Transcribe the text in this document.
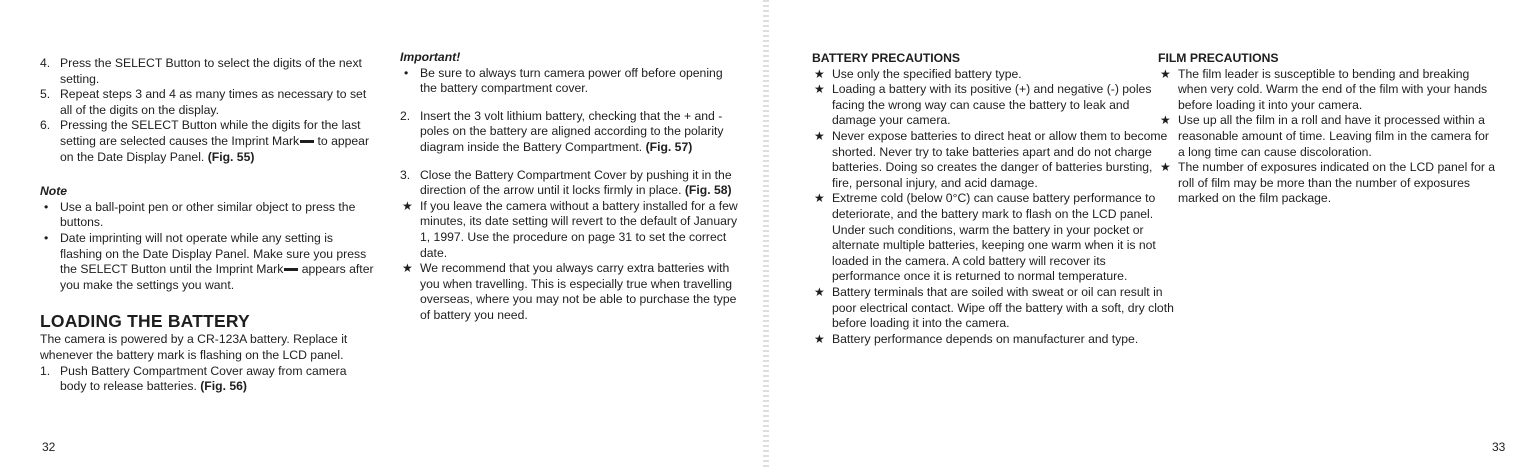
4. Press the SELECT Button to select the digits of the next setting.
5. Repeat steps 3 and 4 as many times as necessary to set all of the digits on the display.
6. Pressing the SELECT Button while the digits for the last setting are selected causes the Imprint Mark to appear on the Date Display Panel. (Fig. 55)

Note

• Use a ball-point pen or other similar object to press the buttons.
• Date imprinting will not operate while any setting is flashing on the Date Display Panel. Make sure you press the SELECT Button until the Imprint Mark appears after you make the settings you want.
LOADING THE BATTERY

The camera is powered by a CR-123A battery. Replace it whenever the battery mark is flashing on the LCD panel.

1. Push Battery Compartment Cover away from camera body to release batteries. (Fig. 56)

Important!

• Be sure to always turn camera power off before opening the battery compartment cover.
2. Insert the 3 volt lithium battery, checking that the + and - poles on the battery are aligned according to the polarity diagram inside the Battery Compartment. (Fig. 57)
3. Close the Battery Compartment Cover by pushing it in the direction of the arrow until it locks firmly in place. (Fig. 58)
★ If you leave the camera without a battery installed for a few minutes, its date setting will revert to the default of January 1, 1997. Use the procedure on page 31 to set the correct date.
★ We recommend that you always carry extra batteries with you when travelling. This is especially true when travelling overseas, where you may not be able to purchase the type of battery you need.
32

BATTERY PRECAUTIONS

★ Use only the specified battery type.
★ Loading a battery with its positive (+) and negative (-) poles facing the wrong way can cause the battery to leak and damage your camera.
★ Never expose batteries to direct heat or allow them to become shorted. Never try to take batteries apart and do not charge batteries. Doing so creates the danger of batteries bursting, fire, personal injury, and acid damage.
★ Extreme cold (below 0°C) can cause battery performance to deteriorate, and the battery mark to flash on the LCD panel. Under such conditions, warm the battery in your pocket or alternate multiple batteries, keeping one warm when it is not loaded in the camera. A cold battery will recover its performance once it is returned to normal temperature.
★ Battery terminals that are soiled with sweat or oil can result in poor electrical contact. Wipe off the battery with a soft, dry cloth before loading it into the camera.
★ Battery performance depends on manufacturer and type.

FILM PRECAUTIONS

★ The film leader is susceptible to bending and breaking when very cold. Warm the end of the film with your hands before loading it into your camera.
★ Use up all the film in a roll and have it processed within a reasonable amount of time. Leaving film in the camera for a long time can cause discoloration.
★ The number of exposures indicated on the LCD panel for a roll of film may be more than the number of exposures marked on the film package.
33
